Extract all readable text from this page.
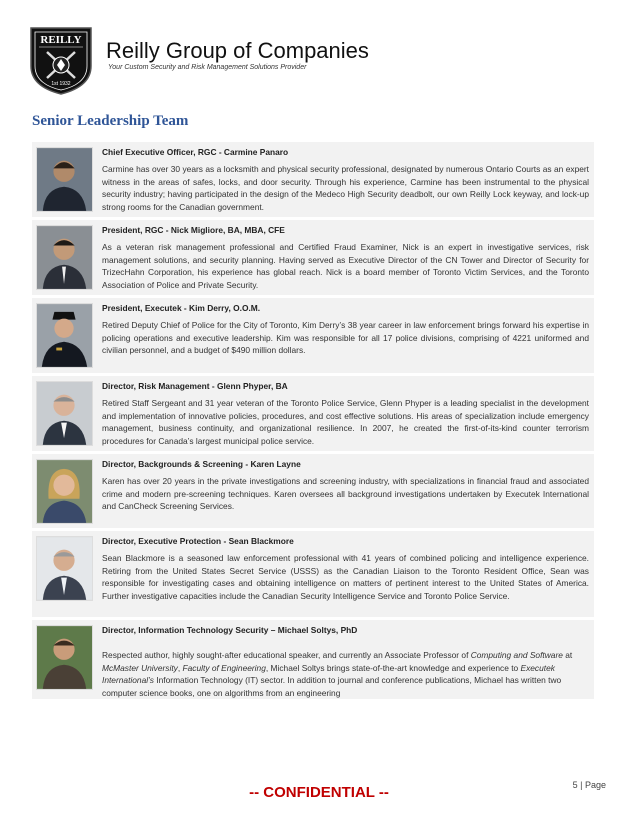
REILLY
1st 1932
Reilly Group of Companies
Your Custom Security and Risk Management Solutions Provider
Senior Leadership Team
Chief Executive Officer, RGC - Carmine Panaro

Carmine has over 30 years as a locksmith and physical security professional, designated by numerous Ontario Courts as an expert witness in the areas of safes, locks, and door security. Through his experience, Carmine has been instrumental to the physical security industry; having participated in the design of the Medeco High Security deadbolt, our own Reilly Lock keyway, and lock-up strong rooms for the Canadian government.

President, RGC - Nick Migliore, BA, MBA, CFE

As a veteran risk management professional and Certified Fraud Examiner, Nick is an expert in investigative services, risk management solutions, and security planning. Having served as Executive Director of the CN Tower and Director of Security for TrizecHahn Corporation, his experience has global reach. Nick is a board member of Toronto Victim Services, and the Toronto Association of Police and Private Security.

President, Executek - Kim Derry, O.O.M.

Retired Deputy Chief of Police for the City of Toronto, Kim Derry’s 38 year career in law enforcement brings forward his expertise in policing operations and executive leadership. Kim was responsible for all 17 police divisions, comprising of 4221 uniformed and civilian personnel, and a budget of $490 million dollars.

Director, Risk Management - Glenn Phyper, BA

Retired Staff Sergeant and 31 year veteran of the Toronto Police Service, Glenn Phyper is a leading specialist in the development and implementation of innovative policies, procedures, and cost effective solutions. His areas of specialization include emergency management, business continuity, and organizational resilience. In 2007, he created the first-of-its-kind counter terrorism procedures for Canada’s largest municipal police service.

Director, Backgrounds & Screening - Karen Layne

Karen has over 20 years in the private investigations and screening industry, with specializations in financial fraud and associated crime and modern pre-screening techniques. Karen oversees all background investigations undertaken by Executek International and CanCheck Screening Services.

Director, Executive Protection - Sean Blackmore

Sean Blackmore is a seasoned law enforcement professional with 41 years of combined policing and intelligence experience. Retiring from the United States Secret Service (USSS) as the Canadian Liaison to the Toronto Resident Office, Sean was responsible for investigating cases and obtaining intelligence on matters of pertinent interest to the United States of America. Further investigative capacities include the Canadian Security Intelligence Service and Toronto Police Service.

Director, Information Technology Security – Michael Soltys, PhD

Respected author, highly sought-after educational speaker, and currently an Associate Professor of Computing and Software at McMaster University, Faculty of Engineering, Michael Soltys brings state-of-the-art knowledge and experience to Executek International’s Information Technology (IT) sector. In addition to journal and conference publications, Michael has written two computer science books, one on algorithms from an engineering

-- CONFIDENTIAL --	5 | Page
